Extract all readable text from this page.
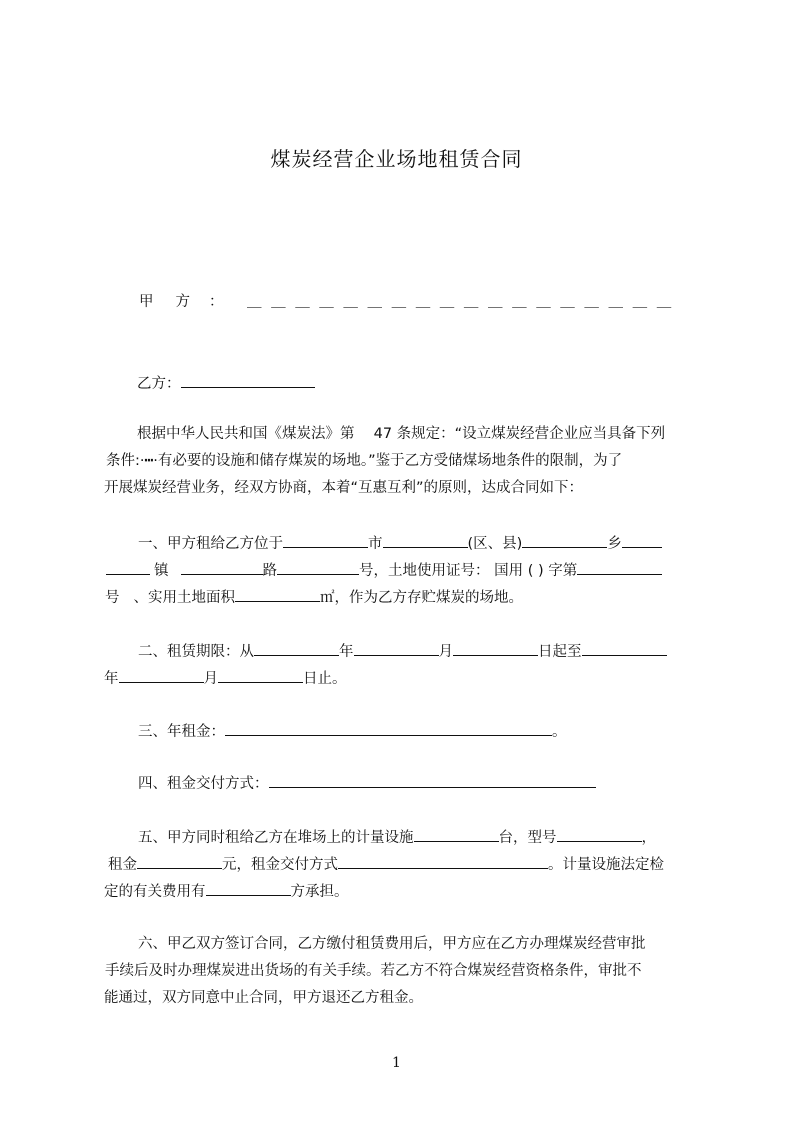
煤炭经营企业场地租赁合同
甲方
： ＿＿＿＿＿＿＿＿＿＿＿＿＿＿＿＿＿＿
乙方：
根据中华人民共和国《煤炭法》第　 47 条规定：“设立煤炭经营企业应当具备下列
条件:·┅·有必要的设施和储存煤炭的场地。”鉴于乙方受储煤场地条件的限制，为了
开展煤炭经营业务，经双方协商，本着“互惠互利”的原则，达成合同如下：
一、甲方租给乙方位于	市	(区、县)	乡
镇	路	号，土地使用证号： 国用 ( ) 字第
号 、实用土地面积	㎡，作为乙方存贮煤炭的场地。
二、租赁期限：从	年	月	日起至
年	月	日止。
三、年租金：	。
四、租金交付方式：
五、甲方同时租给乙方在堆场上的计量设施	台，型号	，
租金	元，租金交付方式	。计量设施法定检
定的有关费用有	方承担。
六、甲乙双方签订合同，乙方缴付租赁费用后，甲方应在乙方办理煤炭经营审批
手续后及时办理煤炭进出货场的有关手续。若乙方不符合煤炭经营资格条件，审批不
能通过，双方同意中止合同，甲方退还乙方租金。
1
